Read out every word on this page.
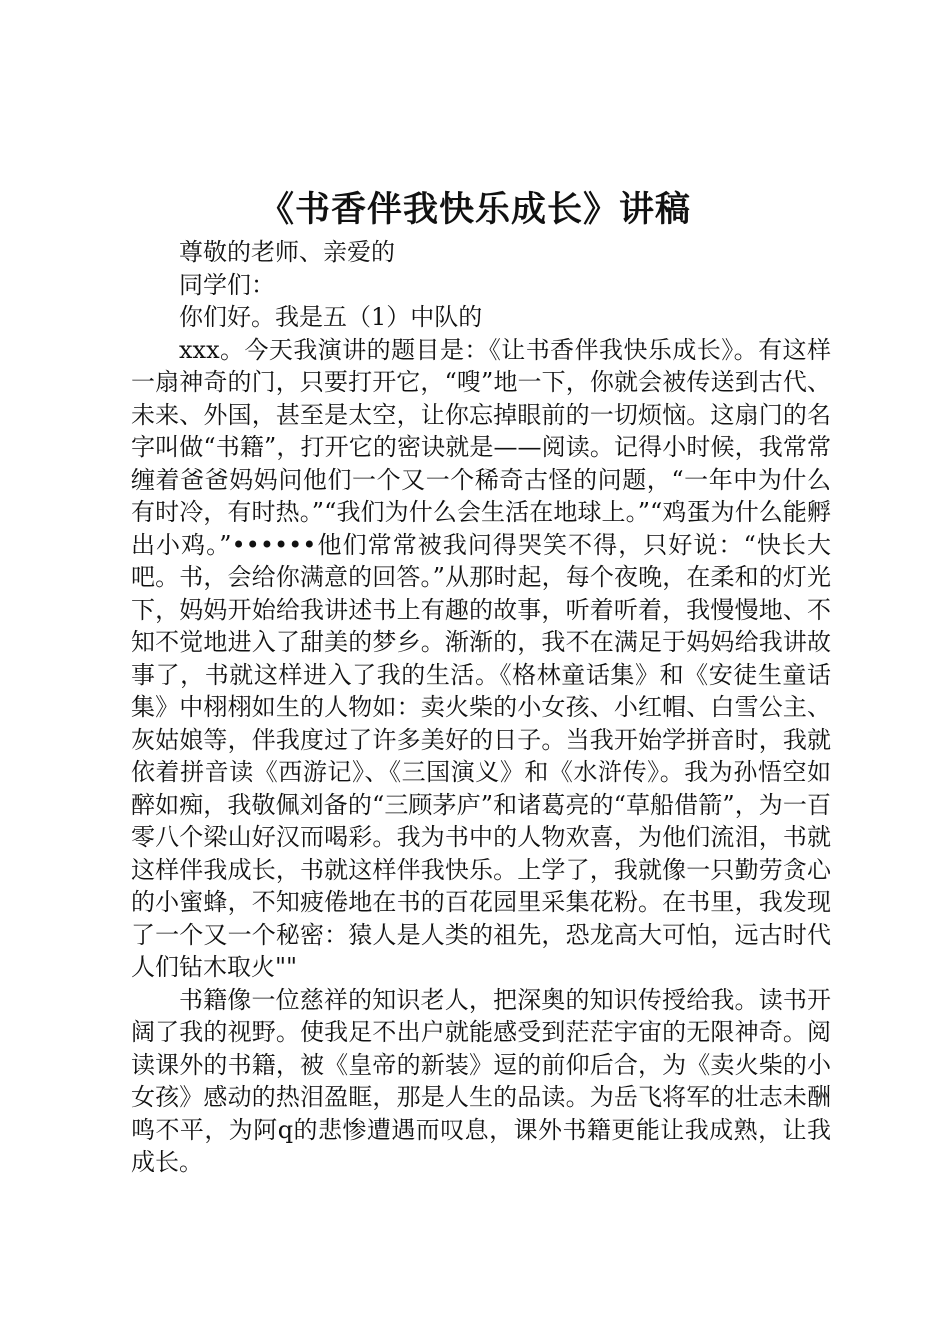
《书香伴我快乐成长》讲稿

尊敬的老师、亲爱的

同学们：

你们好。我是五（1）中队的

xxx。今天我演讲的题目是：《让书香伴我快乐成长》。有这样一扇神奇的门，只要打开它，“嗖”地一下，你就会被传送到古代、未来、外国，甚至是太空，让你忘掉眼前的一切烦恼。这扇门的名字叫做“书籍”，打开它的密诀就是——阅读。记得小时候，我常常缠着爸爸妈妈问他们一个又一个稀奇古怪的问题，“一年中为什么有时冷，有时热。”“我们为什么会生活在地球上。”“鸡蛋为什么能孵出小鸡。”••••••他们常常被我问得哭笑不得，只好说：“快长大吧。书，会给你满意的回答。”从那时起，每个夜晚，在柔和的灯光下，妈妈开始给我讲述书上有趣的故事，听着听着，我慢慢地、不知不觉地进入了甜美的梦乡。渐渐的，我不在满足于妈妈给我讲故事了，书就这样进入了我的生活。《格林童话集》和《安徒生童话集》中栩栩如生的人物如：卖火柴的小女孩、小红帽、白雪公主、灰姑娘等，伴我度过了许多美好的日子。当我开始学拼音时，我就依着拼音读《西游记》、《三国演义》和《水浒传》。我为孙悟空如醉如痴，我敬佩刘备的“三顾茅庐”和诸葛亮的“草船借箭”，为一百零八个梁山好汉而喝彩。我为书中的人物欢喜，为他们流泪，书就这样伴我成长，书就这样伴我快乐。上学了，我就像一只勤劳贪心的小蜜蜂，不知疲倦地在书的百花园里采集花粉。在书里，我发现了一个又一个秘密：猿人是人类的祖先，恐龙高大可怕，远古时代人们钻木取火""

书籍像一位慈祥的知识老人，把深奥的知识传授给我。读书开阔了我的视野。使我足不出户就能感受到茫茫宇宙的无限神奇。阅读课外的书籍，被《皇帝的新装》逗的前仰后合，为《卖火柴的小女孩》感动的热泪盈眶，那是人生的品读。为岳飞将军的壮志未酬鸣不平，为阿q的悲惨遭遇而叹息，课外书籍更能让我成熟，让我成长。
